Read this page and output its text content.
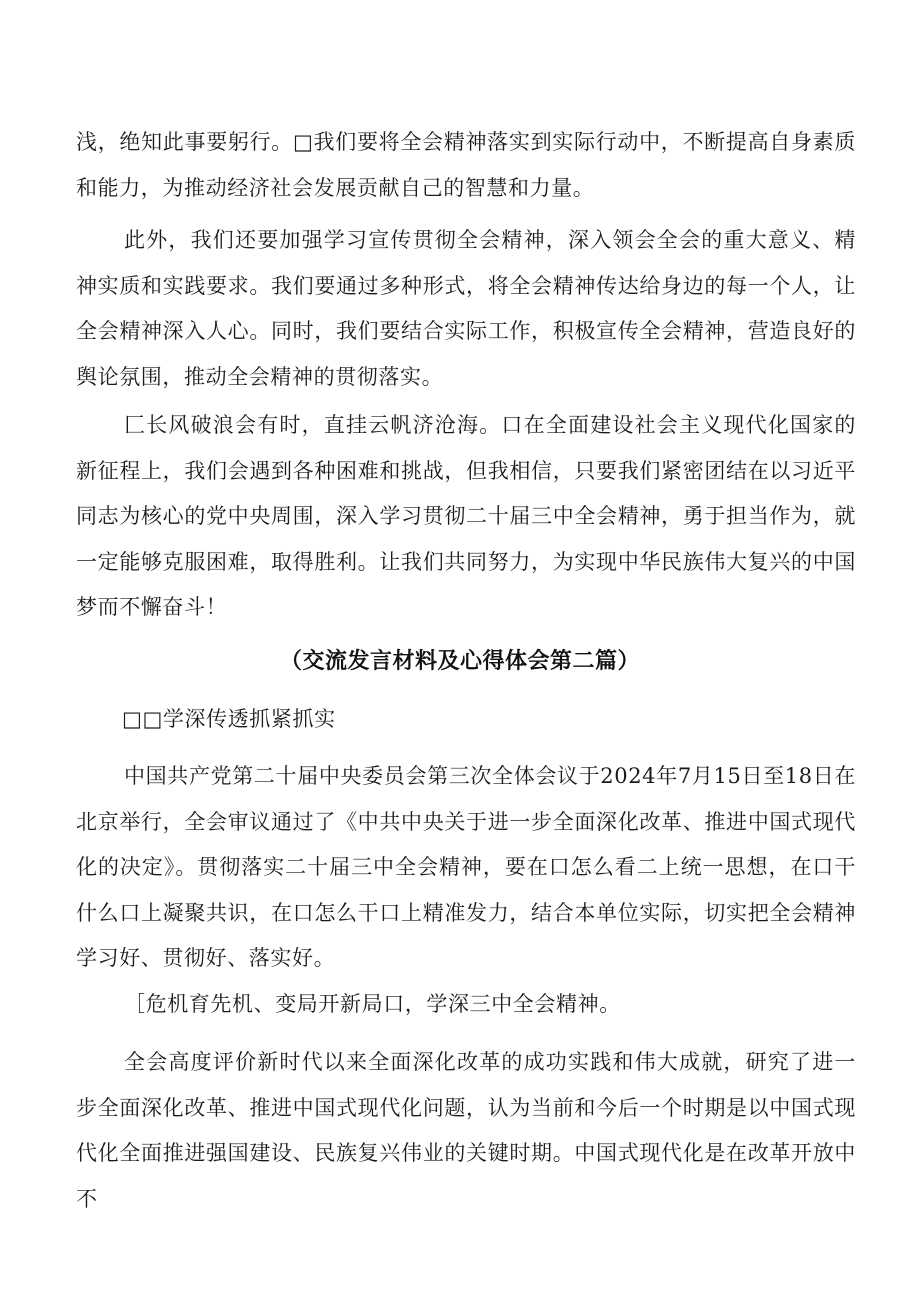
浅，绝知此事要躬行。□我们要将全会精神落实到实际行动中，不断提高自身素质和能力，为推动经济社会发展贡献自己的智慧和力量。

此外，我们还要加强学习宣传贯彻全会精神，深入领会全会的重大意义、精神实质和实践要求。我们要通过多种形式，将全会精神传达给身边的每一个人，让全会精神深入人心。同时，我们要结合实际工作，积极宣传全会精神，营造良好的舆论氛围，推动全会精神的贯彻落实。

匚长风破浪会有时，直挂云帆济沧海。口在全面建设社会主义现代化国家的新征程上，我们会遇到各种困难和挑战，但我相信，只要我们紧密团结在以习近平同志为核心的党中央周围，深入学习贯彻二十届三中全会精神，勇于担当作为，就一定能够克服困难，取得胜利。让我们共同努力，为实现中华民族伟大复兴的中国梦而不懈奋斗！

（交流发言材料及心得体会第二篇）

□□学深传透抓紧抓实

中国共产党第二十届中央委员会第三次全体会议于2024年7月15日至18日在北京举行，全会审议通过了《中共中央关于进一步全面深化改革、推进中国式现代化的决定》。贯彻落实二十届三中全会精神，要在口怎么看二上统一思想，在口干什么口上凝聚共识，在口怎么干口上精准发力，结合本单位实际，切实把全会精神学习好、贯彻好、落实好。

［危机育先机、变局开新局口，学深三中全会精神。

全会高度评价新时代以来全面深化改革的成功实践和伟大成就，研究了进一步全面深化改革、推进中国式现代化问题，认为当前和今后一个时期是以中国式现代化全面推进强国建设、民族复兴伟业的关键时期。中国式现代化是在改革开放中不
